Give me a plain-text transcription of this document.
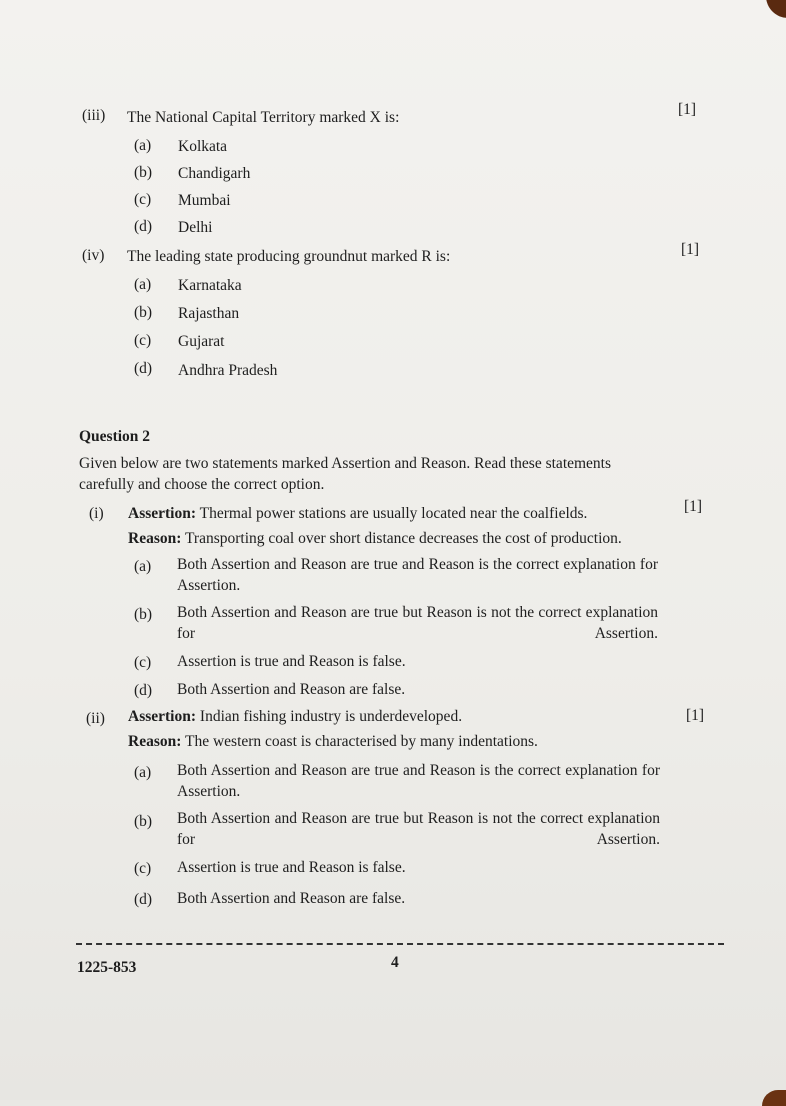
(iii) The National Capital Territory marked X is:	[1]
(a) Kolkata
(b) Chandigarh
(c) Mumbai
(d) Delhi
(iv) The leading state producing groundnut marked R is:	[1]
(a) Karnataka
(b) Rajasthan
(c) Gujarat
(d) Andhra Pradesh
Question 2
Given below are two statements marked Assertion and Reason. Read these statements carefully and choose the correct option.
(i) Assertion: Thermal power stations are usually located near the coalfields.	[1]
Reason: Transporting coal over short distance decreases the cost of production.
(a) Both Assertion and Reason are true and Reason is the correct explanation for Assertion.
(b) Both Assertion and Reason are true but Reason is not the correct explanation for Assertion.
(c) Assertion is true and Reason is false.
(d) Both Assertion and Reason are false.
(ii) Assertion: Indian fishing industry is underdeveloped.	[1]
Reason: The western coast is characterised by many indentations.
(a) Both Assertion and Reason are true and Reason is the correct explanation for Assertion.
(b) Both Assertion and Reason are true but Reason is not the correct explanation for Assertion.
(c) Assertion is true and Reason is false.
(d) Both Assertion and Reason are false.
1225-853	4
